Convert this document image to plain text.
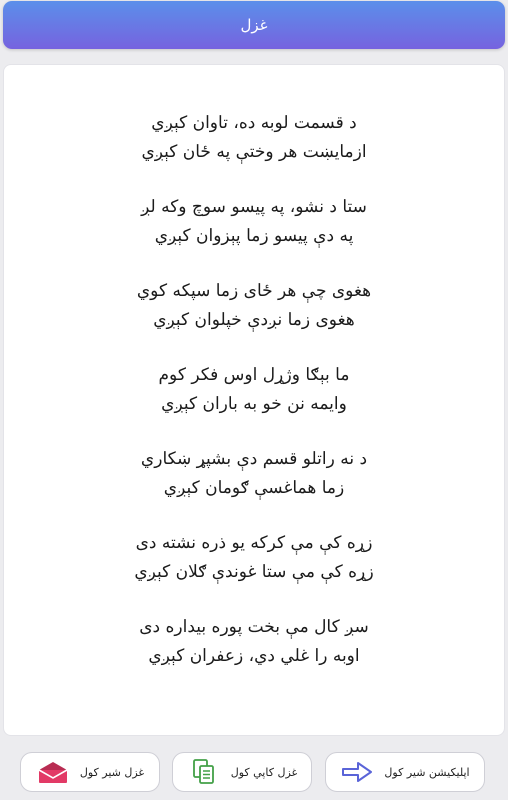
غزل
د قسمت لوبه ده، تاوان کېږي
ازمايښت هر وختې په ځان کېږي
ستا د نشو، په پيسو سوچ وکه لږ
په دې پيسو زما پېزوان کېږي
هغوی چې هر ځای زما سپکه کوي
هغوی زما نږدې خپلوان کېږي
ما بېګا وژړل اوس فکر کوم
وايمه نن خو به باران کېږي
د نه راتلو قسم دې بشپړ ښکاري
زما هماغسې ګومان کېږي
زړه کې مې کرکه يو ذره نشته دی
زړه کې مې ستا غوندې ګلان کېږي
سږ کال مې بخت پوره بيداره دی
اوبه را غلي دي، زعفران کېږي
اپليکيشن شير کول
غزل کاپي کول
غزل شير کول
